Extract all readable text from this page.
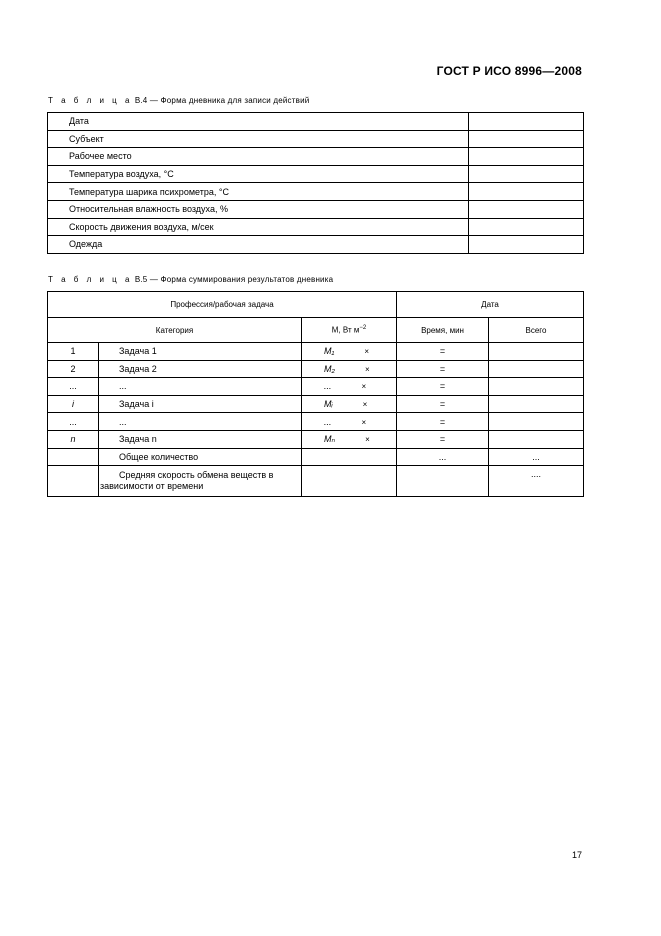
ГОСТ Р ИСО 8996—2008
Т а б л и ц а В.4 — Форма дневника для записи действий
Дата	
Субъект	
Рабочее место	
Температура воздуха, °C	
Температура шарика психрометра, °C	
Относительная влажность воздуха, %	
Скорость движения воздуха, м/сек	
Одежда	
Т а б л и ц а В.5 — Форма суммирования результатов дневника
Профессия/рабочая задача			Дата	
Категория		М, Вт $м^{-2}$	Время, мин	Всего
1	Задача 1	M₁ ×	=	
2	Задача 2	M₂ ×	=	
...	...	... ×	=	
i	Задача i	Mᵢ ×	=	
...	...	... ×	=	
n	Задача n	Mₙ ×	=	
	Общее количество		...	...

	Средняя скорость обмена веществ в
зависимости от времени			....
17
